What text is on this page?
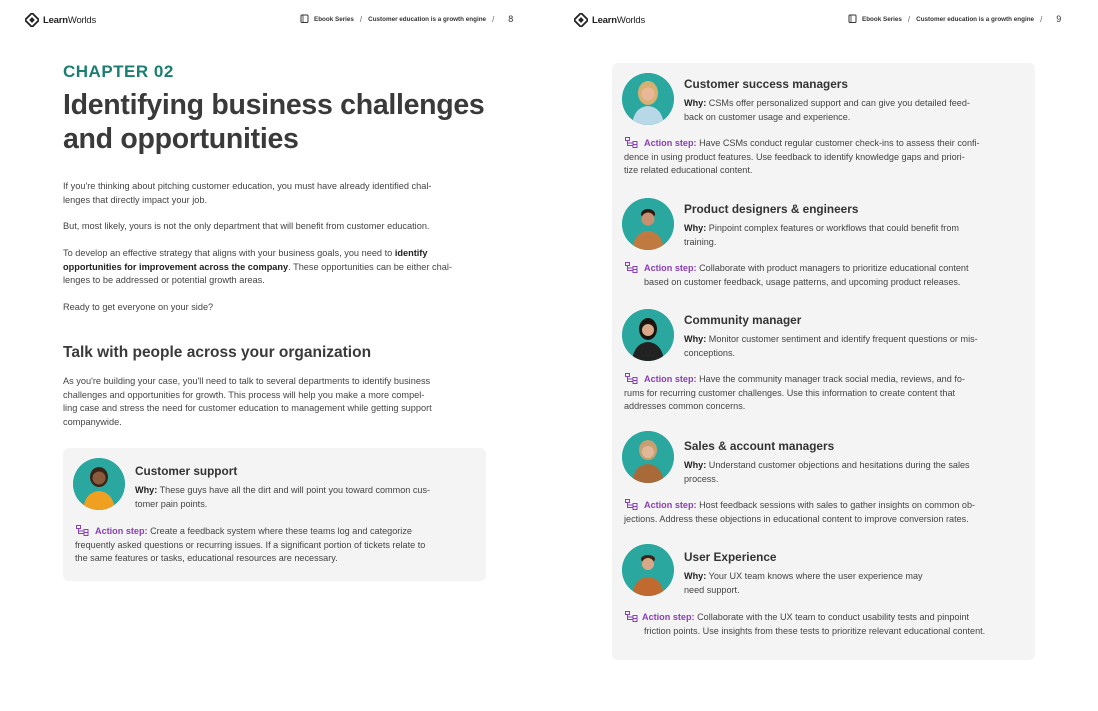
LearnWorlds	Ebook Series / Customer education is a growth engine / 8
CHAPTER 02
Identifying business challenges
and opportunities
If you're thinking about pitching customer education, you must have already identified chal-
lenges that directly impact your job.
But, most likely, yours is not the only department that will benefit from customer education.
To develop an effective strategy that aligns with your business goals, you need to identify
opportunities for improvement across the company. These opportunities can be either chal-
lenges to be addressed or potential growth areas.
Ready to get everyone on your side?
Talk with people across your organization
As you're building your case, you'll need to talk to several departments to identify business
challenges and opportunities for growth. This process will help you make a more compel-
ling case and stress the need for customer education to management while getting support
companywide.
Customer support
Why: These guys have all the dirt and will point you toward common cus-
tomer pain points.
Action step: Create a feedback system where these teams log and categorize
frequently asked questions or recurring issues. If a significant portion of tickets relate to
the same features or tasks, educational resources are necessary.
LearnWorlds	Ebook Series / Customer education is a growth engine / 9
Customer success managers
Why: CSMs offer personalized support and can give you detailed feed-
back on customer usage and experience.
Action step: Have CSMs conduct regular customer check-ins to assess their confi-
dence in using product features. Use feedback to identify knowledge gaps and priori-
tize related educational content.
Product designers & engineers
Why: Pinpoint complex features or workflows that could benefit from
training.
Action step: Collaborate with product managers to prioritize educational content
based on customer feedback, usage patterns, and upcoming product releases.
Community manager
Why: Monitor customer sentiment and identify frequent questions or mis-
conceptions.
Action step: Have the community manager track social media, reviews, and fo-
rums for recurring customer challenges. Use this information to create content that
addresses common concerns.
Sales & account managers
Why: Understand customer objections and hesitations during the sales
process.
Action step: Host feedback sessions with sales to gather insights on common ob-
jections. Address these objections in educational content to improve conversion rates.
User Experience
Why: Your UX team knows where the user experience may
need support.
Action step: Collaborate with the UX team to conduct usability tests and pinpoint
friction points. Use insights from these tests to prioritize relevant educational content.
